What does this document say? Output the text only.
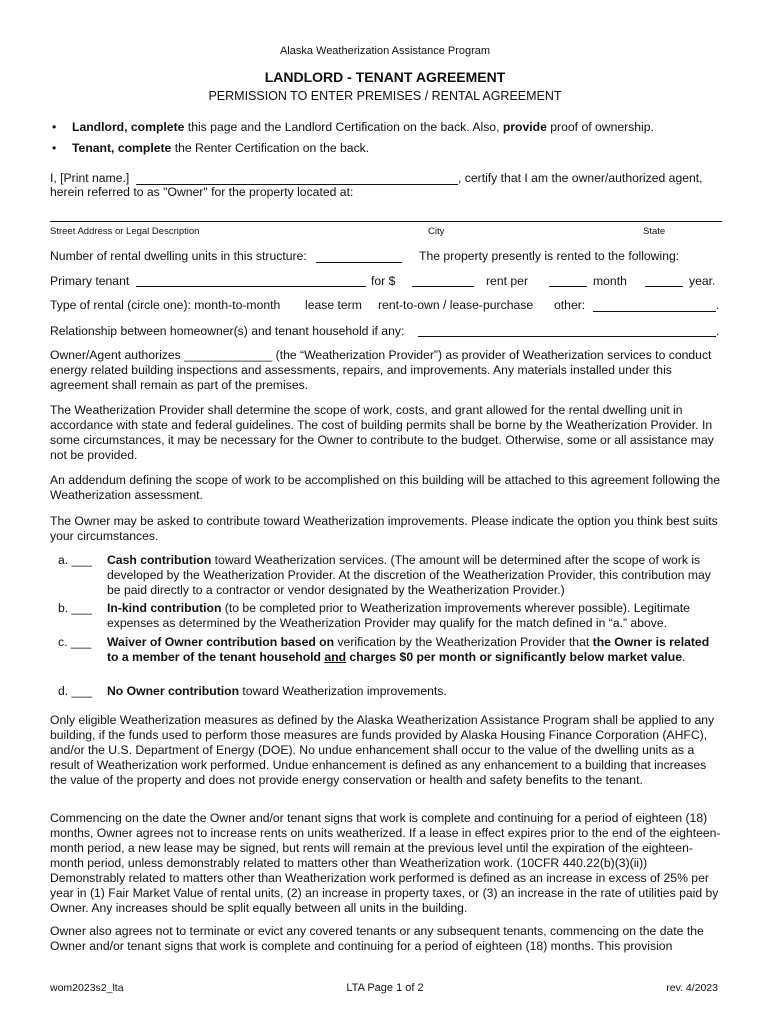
Alaska Weatherization Assistance Program
LANDLORD - TENANT AGREEMENT
PERMISSION TO ENTER PREMISES / RENTAL AGREEMENT
• Landlord, complete this page and the Landlord Certification on the back. Also, provide proof of ownership.
• Tenant, complete the Renter Certification on the back.
I, [Print name.]	, certify that I am the owner/authorized agent,
herein referred to as "Owner" for the property located at:
Street Address or Legal Description	City	State
Number of rental dwelling units in this structure:	The property presently is rented to the following:
Primary tenant	for $	rent per	month	year.
Type of rental (circle one): month-to-month lease term rent-to-own / lease-purchase other:	.
Relationship between homeowner(s) and tenant household if any:	.
Owner/Agent authorizes _____________ (the “Weatherization Provider”) as provider of Weatherization services to conduct energy related building inspections and assessments, repairs, and improvements. Any materials installed under this agreement shall remain as part of the premises.
The Weatherization Provider shall determine the scope of work, costs, and grant allowed for the rental dwelling unit in accordance with state and federal guidelines. The cost of building permits shall be borne by the Weatherization Provider. In some circumstances, it may be necessary for the Owner to contribute to the budget. Otherwise, some or all assistance may not be provided.
An addendum defining the scope of work to be accomplished on this building will be attached to this agreement following the Weatherization assessment.
The Owner may be asked to contribute toward Weatherization improvements. Please indicate the option you think best suits your circumstances.
a. ___	Cash contribution toward Weatherization services. (The amount will be determined after the scope of work is developed by the Weatherization Provider. At the discretion of the Weatherization Provider, this contribution may be paid directly to a contractor or vendor designated by the Weatherization Provider.)
b. ___	In-kind contribution (to be completed prior to Weatherization improvements wherever possible). Legitimate expenses as determined by the Weatherization Provider may qualify for the match defined in “a.” above.
c. ___	Waiver of Owner contribution based on verification by the Weatherization Provider that the Owner is related to a member of the tenant household and charges $0 per month or significantly below market value.
d. ___	No Owner contribution toward Weatherization improvements.
Only eligible Weatherization measures as defined by the Alaska Weatherization Assistance Program shall be applied to any building, if the funds used to perform those measures are funds provided by Alaska Housing Finance Corporation (AHFC), and/or the U.S. Department of Energy (DOE). No undue enhancement shall occur to the value of the dwelling units as a result of Weatherization work performed. Undue enhancement is defined as any enhancement to a building that increases the value of the property and does not provide energy conservation or health and safety benefits to the tenant.
Commencing on the date the Owner and/or tenant signs that work is complete and continuing for a period of eighteen (18) months, Owner agrees not to increase rents on units weatherized. If a lease in effect expires prior to the end of the eighteen-month period, a new lease may be signed, but rents will remain at the previous level until the expiration of the eighteen-month period, unless demonstrably related to matters other than Weatherization work. (10CFR 440.22(b)(3)(ii)) Demonstrably related to matters other than Weatherization work performed is defined as an increase in excess of 25% per year in (1) Fair Market Value of rental units, (2) an increase in property taxes, or (3) an increase in the rate of utilities paid by Owner. Any increases should be split equally between all units in the building.
Owner also agrees not to terminate or evict any covered tenants or any subsequent tenants, commencing on the date the Owner and/or tenant signs that work is complete and continuing for a period of eighteen (18) months. This provision
wom2023s2_lta	LTA Page 1 of 2	rev. 4/2023
